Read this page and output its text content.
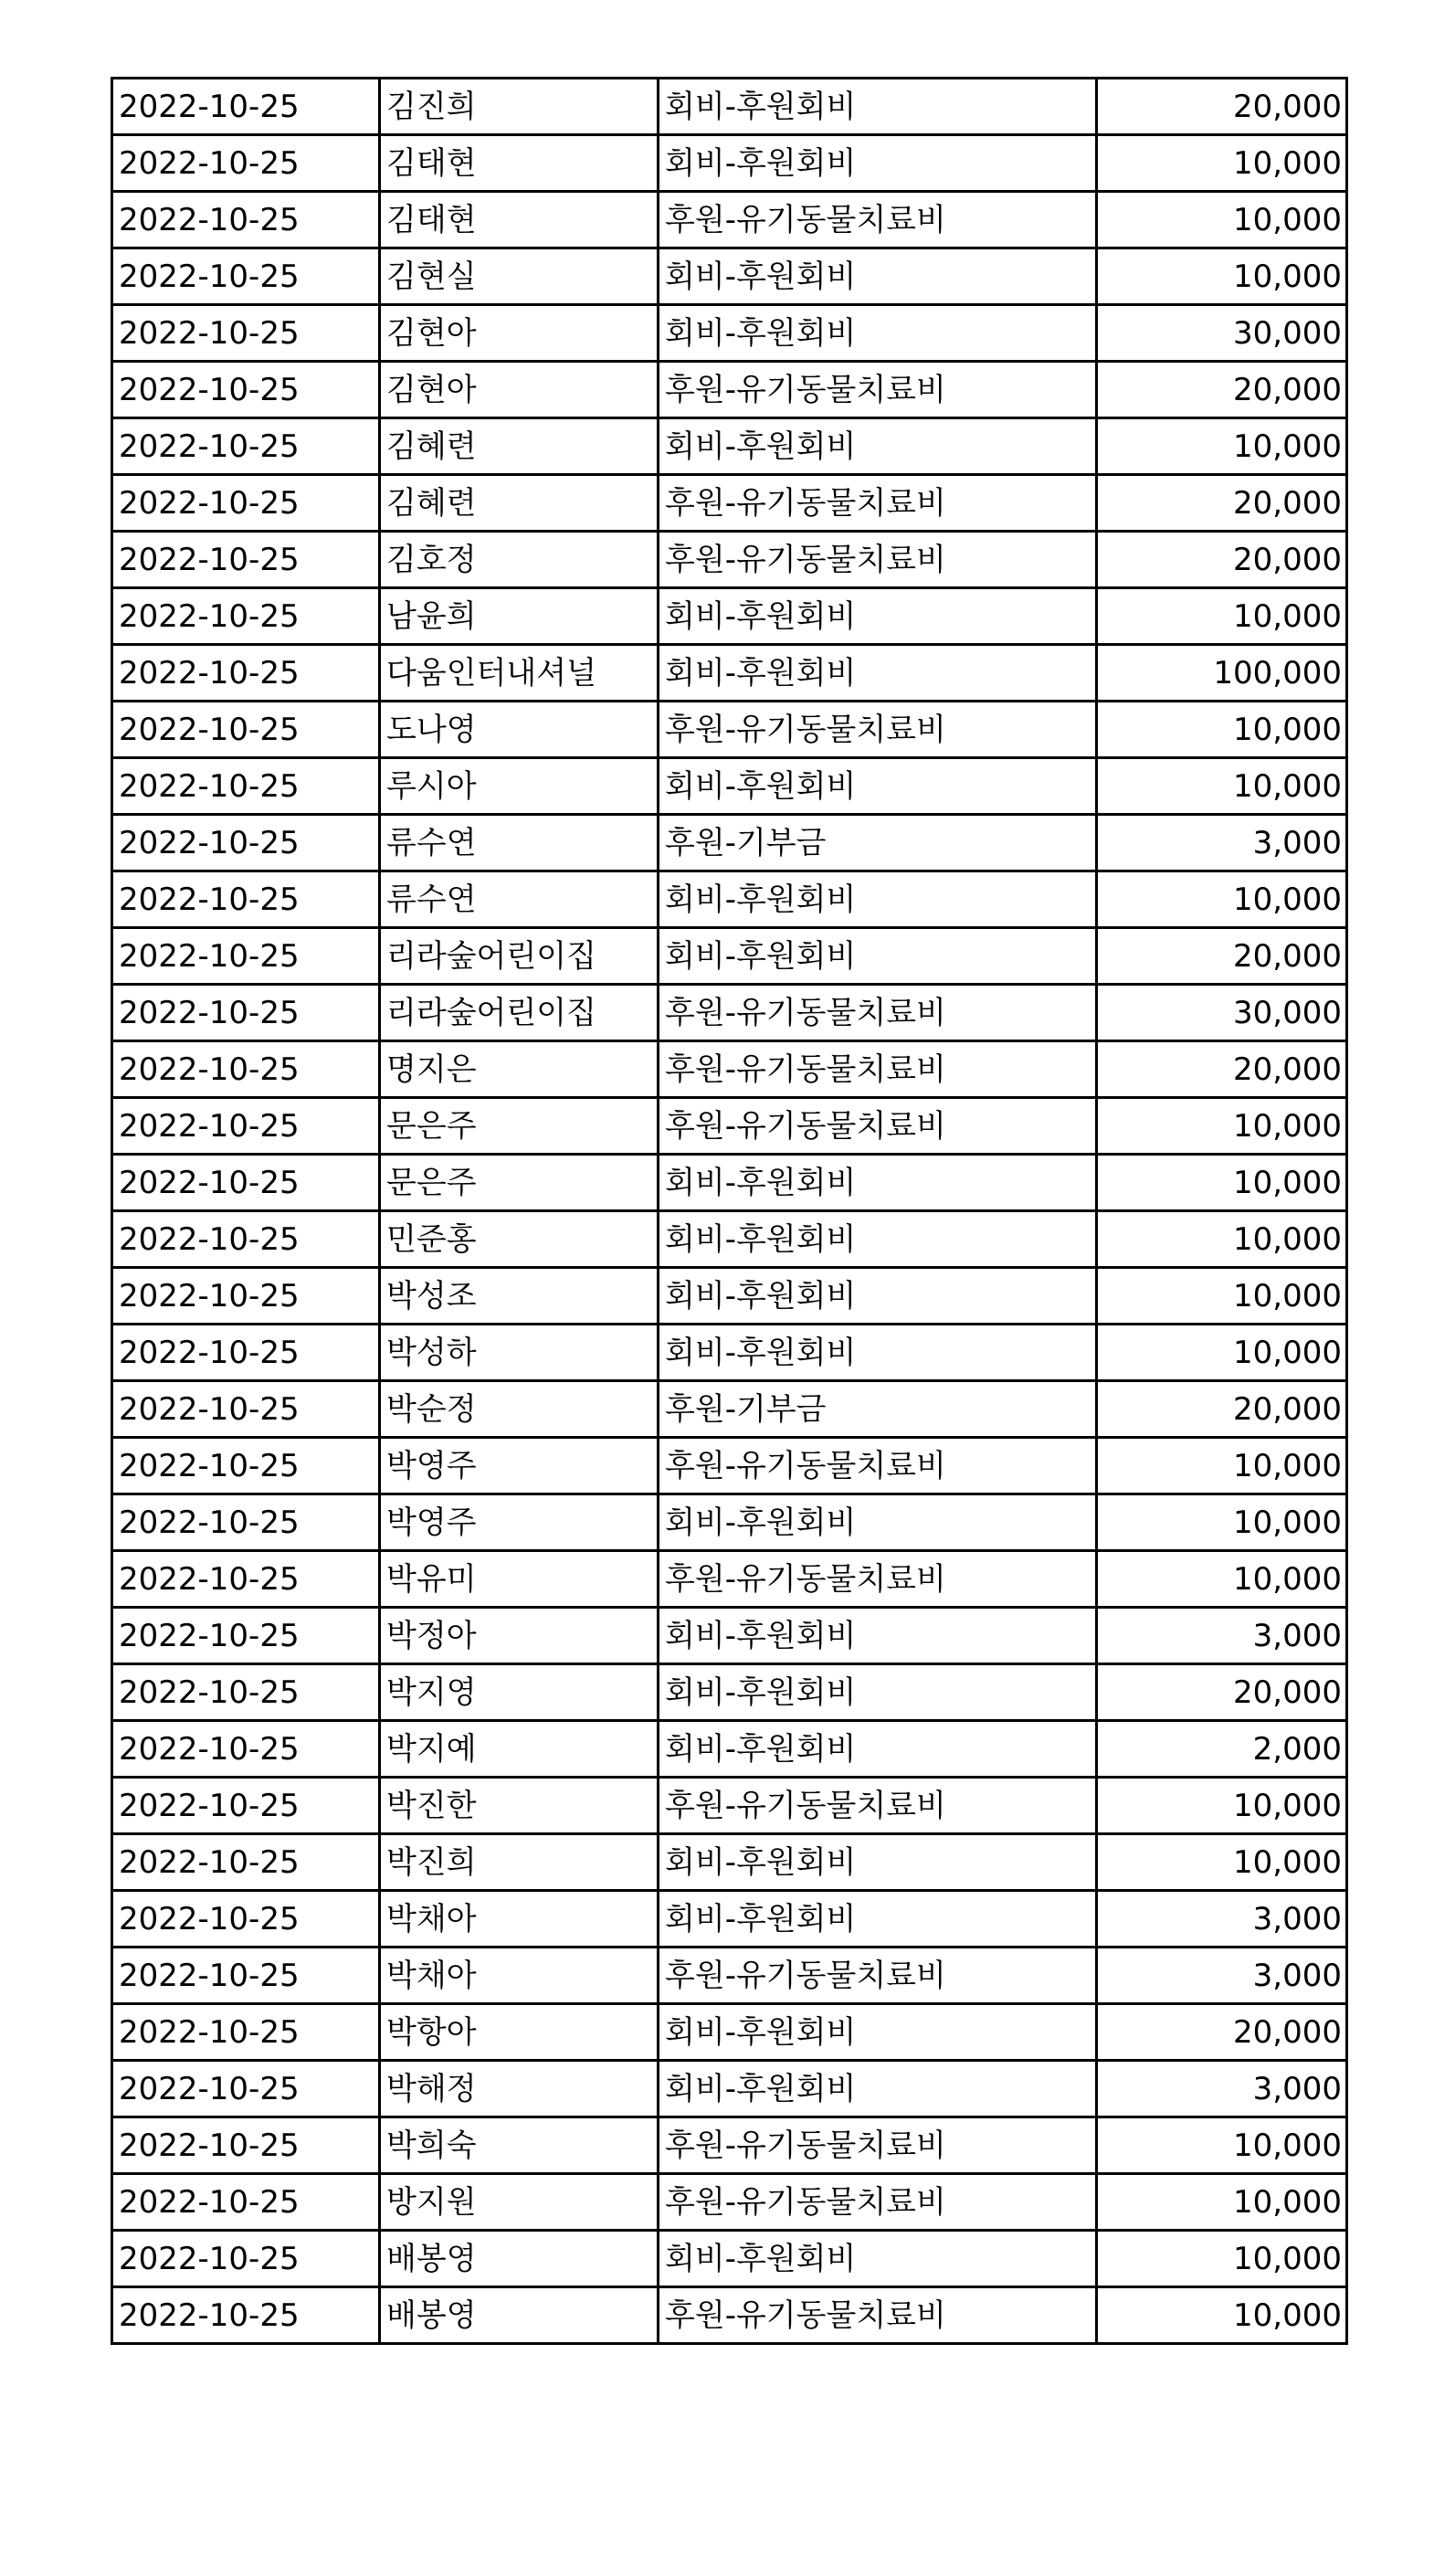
2022-10-25	김진희	회비-후원회비	20,000
2022-10-25	김태현	회비-후원회비	10,000
2022-10-25	김태현	후원-유기동물치료비	10,000
2022-10-25	김현실	회비-후원회비	10,000
2022-10-25	김현아	회비-후원회비	30,000
2022-10-25	김현아	후원-유기동물치료비	20,000
2022-10-25	김혜련	회비-후원회비	10,000
2022-10-25	김혜련	후원-유기동물치료비	20,000
2022-10-25	김호정	후원-유기동물치료비	20,000
2022-10-25	남윤희	회비-후원회비	10,000
2022-10-25	다움인터내셔널	회비-후원회비	100,000
2022-10-25	도나영	후원-유기동물치료비	10,000
2022-10-25	루시아	회비-후원회비	10,000
2022-10-25	류수연	후원-기부금	3,000
2022-10-25	류수연	회비-후원회비	10,000
2022-10-25	리라숲어린이집	회비-후원회비	20,000
2022-10-25	리라숲어린이집	후원-유기동물치료비	30,000
2022-10-25	명지은	후원-유기동물치료비	20,000
2022-10-25	문은주	후원-유기동물치료비	10,000
2022-10-25	문은주	회비-후원회비	10,000
2022-10-25	민준홍	회비-후원회비	10,000
2022-10-25	박성조	회비-후원회비	10,000
2022-10-25	박성하	회비-후원회비	10,000
2022-10-25	박순정	후원-기부금	20,000
2022-10-25	박영주	후원-유기동물치료비	10,000
2022-10-25	박영주	회비-후원회비	10,000
2022-10-25	박유미	후원-유기동물치료비	10,000
2022-10-25	박정아	회비-후원회비	3,000
2022-10-25	박지영	회비-후원회비	20,000
2022-10-25	박지예	회비-후원회비	2,000
2022-10-25	박진한	후원-유기동물치료비	10,000
2022-10-25	박진희	회비-후원회비	10,000
2022-10-25	박채아	회비-후원회비	3,000
2022-10-25	박채아	후원-유기동물치료비	3,000
2022-10-25	박항아	회비-후원회비	20,000
2022-10-25	박해정	회비-후원회비	3,000
2022-10-25	박희숙	후원-유기동물치료비	10,000
2022-10-25	방지원	후원-유기동물치료비	10,000
2022-10-25	배봉영	회비-후원회비	10,000
2022-10-25	배봉영	후원-유기동물치료비	10,000
